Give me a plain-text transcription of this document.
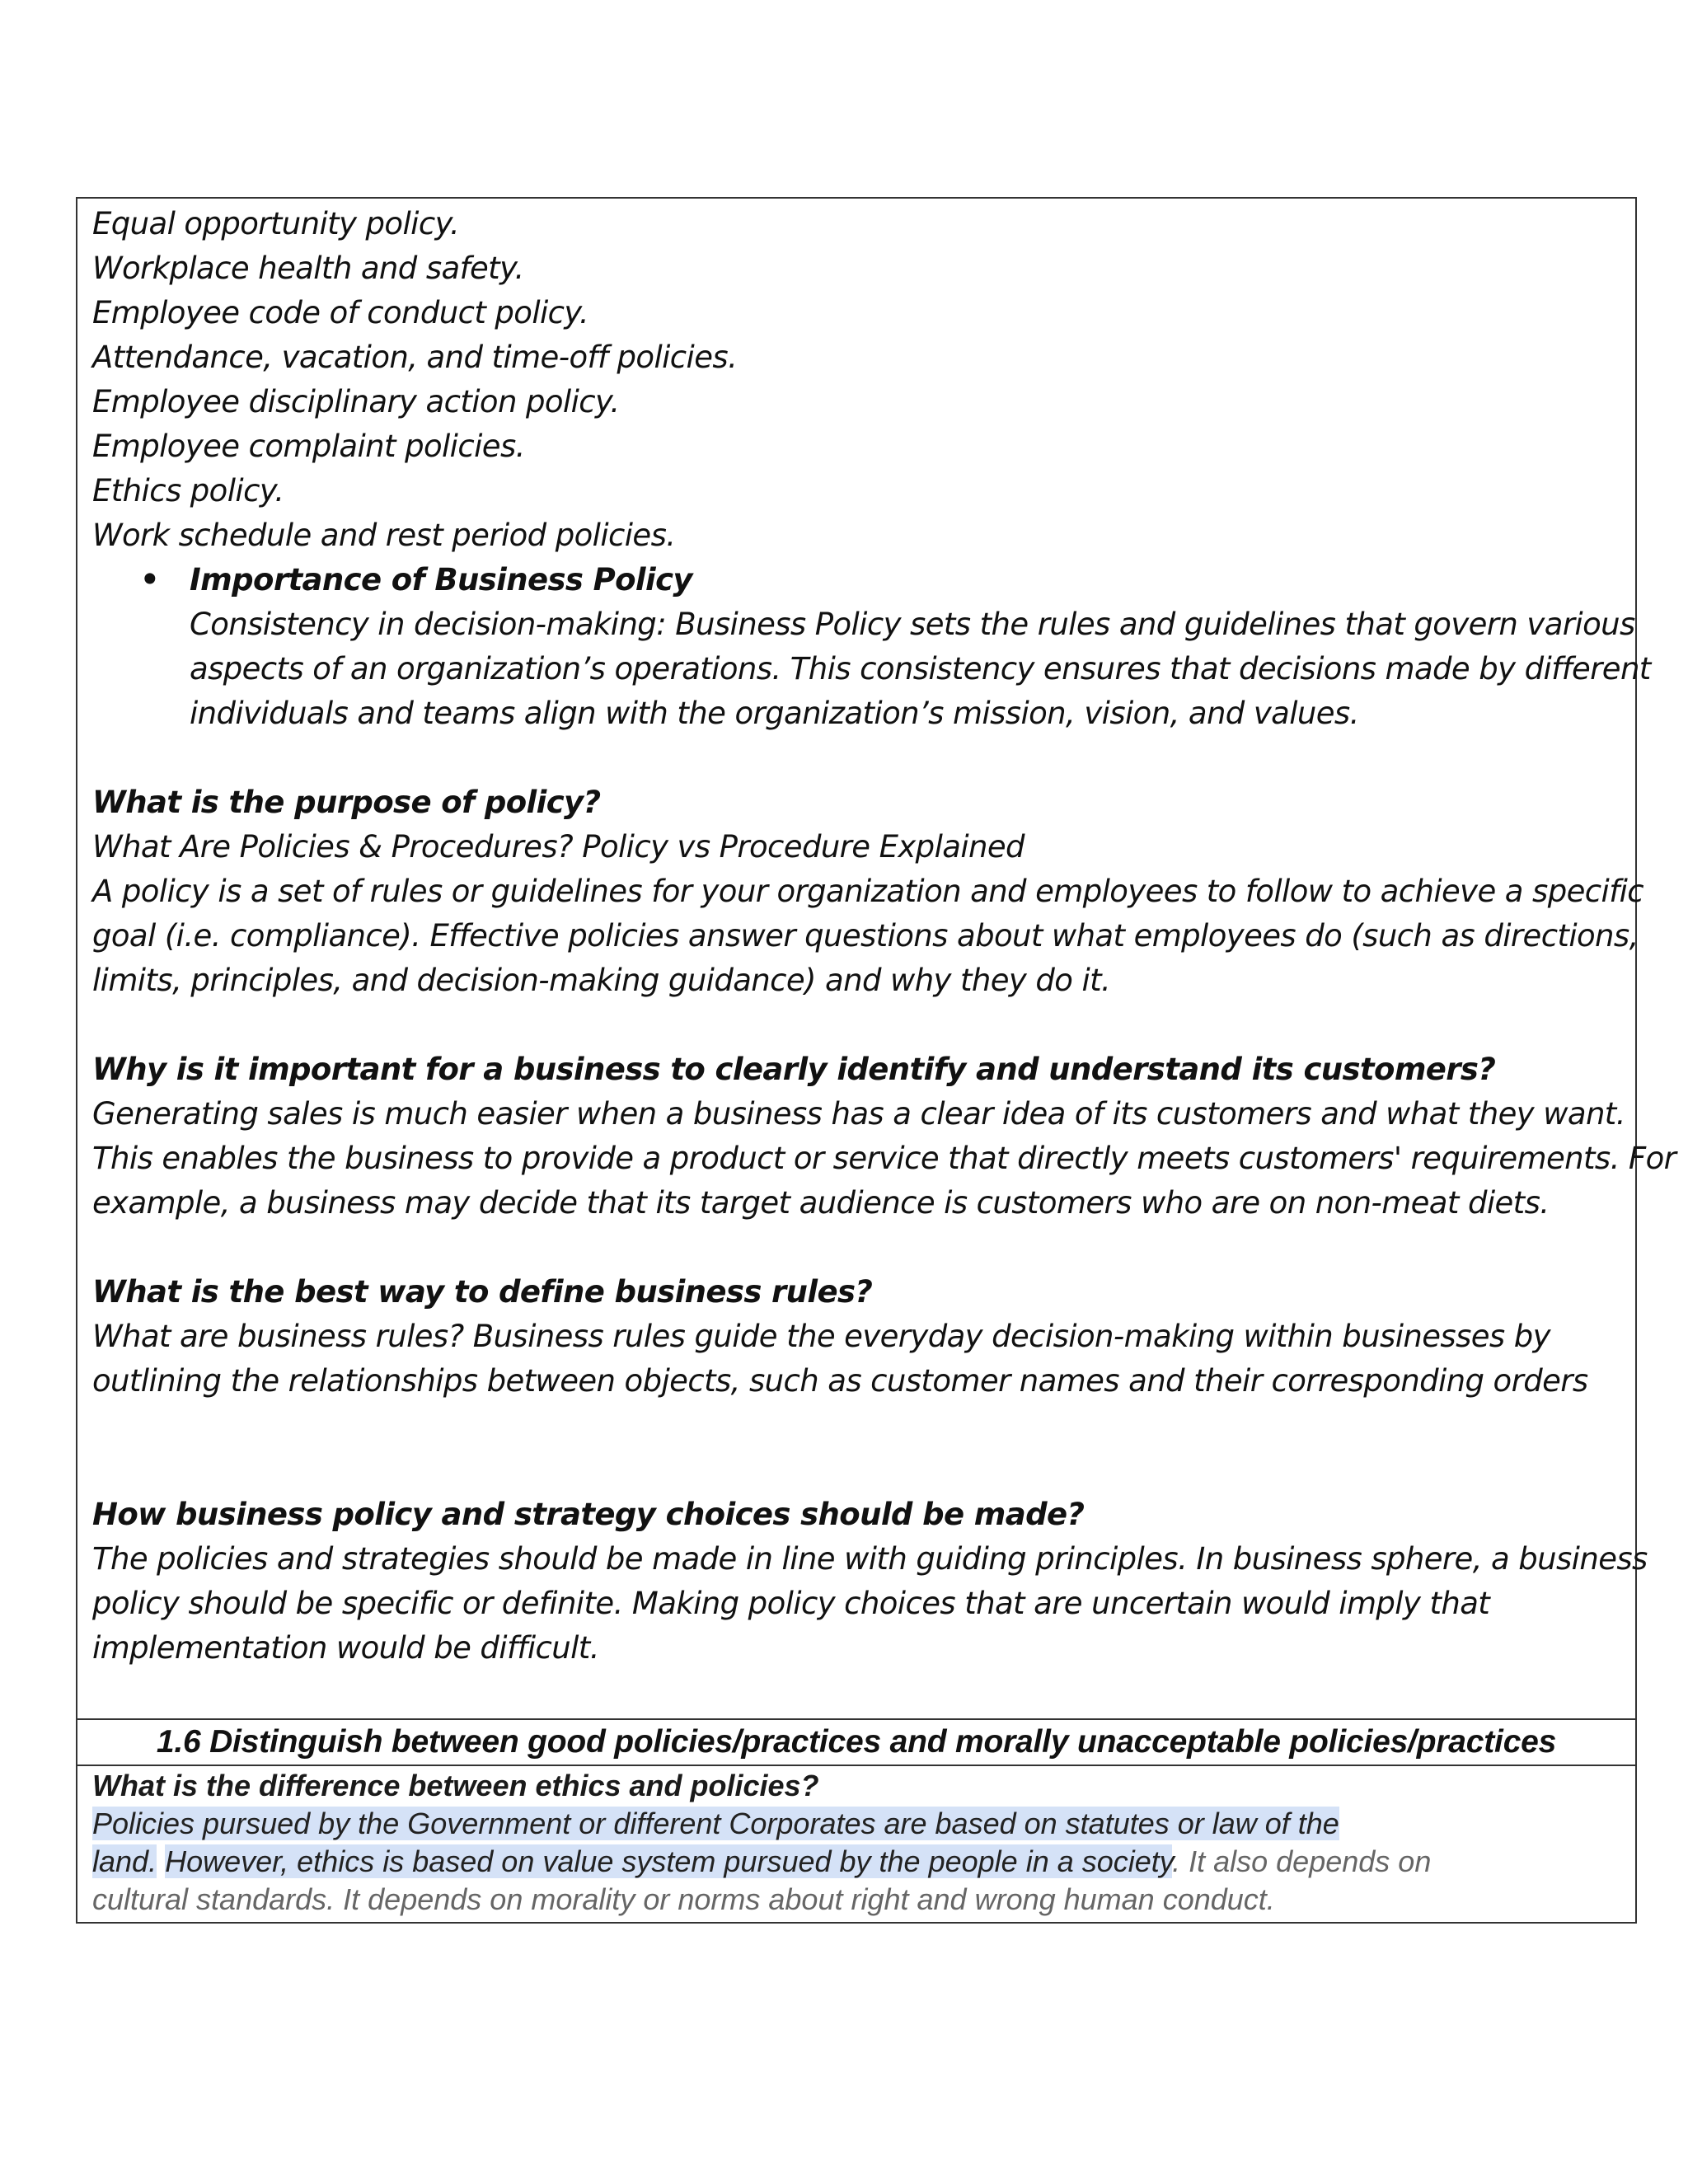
Equal opportunity policy.
Workplace health and safety.
Employee code of conduct policy.
Attendance, vacation, and time-off policies.
Employee disciplinary action policy.
Employee complaint policies.
Ethics policy.
Work schedule and rest period policies.
• Importance of Business Policy
Consistency in decision-making: Business Policy sets the rules and guidelines that govern various
aspects of an organization’s operations. This consistency ensures that decisions made by different
individuals and teams align with the organization’s mission, vision, and values.
What is the purpose of policy?
What Are Policies & Procedures? Policy vs Procedure Explained
A policy is a set of rules or guidelines for your organization and employees to follow to achieve a specific
goal (i.e. compliance). Effective policies answer questions about what employees do (such as directions,
limits, principles, and decision-making guidance) and why they do it.
Why is it important for a business to clearly identify and understand its customers?
Generating sales is much easier when a business has a clear idea of its customers and what they want.
This enables the business to provide a product or service that directly meets customers' requirements. For
example, a business may decide that its target audience is customers who are on non-meat diets.
What is the best way to define business rules?
What are business rules? Business rules guide the everyday decision-making within businesses by
outlining the relationships between objects, such as customer names and their corresponding orders
How business policy and strategy choices should be made?
The policies and strategies should be made in line with guiding principles. In business sphere, a business
policy should be specific or definite. Making policy choices that are uncertain would imply that
implementation would be difficult.
1.6 Distinguish between good policies/practices and morally unacceptable policies/practices
What is the difference between ethics and policies?
Policies pursued by the Government or different Corporates are based on statutes or law of the
land. However, ethics is based on value system pursued by the people in a society. It also depends on
cultural standards. It depends on morality or norms about right and wrong human conduct.
